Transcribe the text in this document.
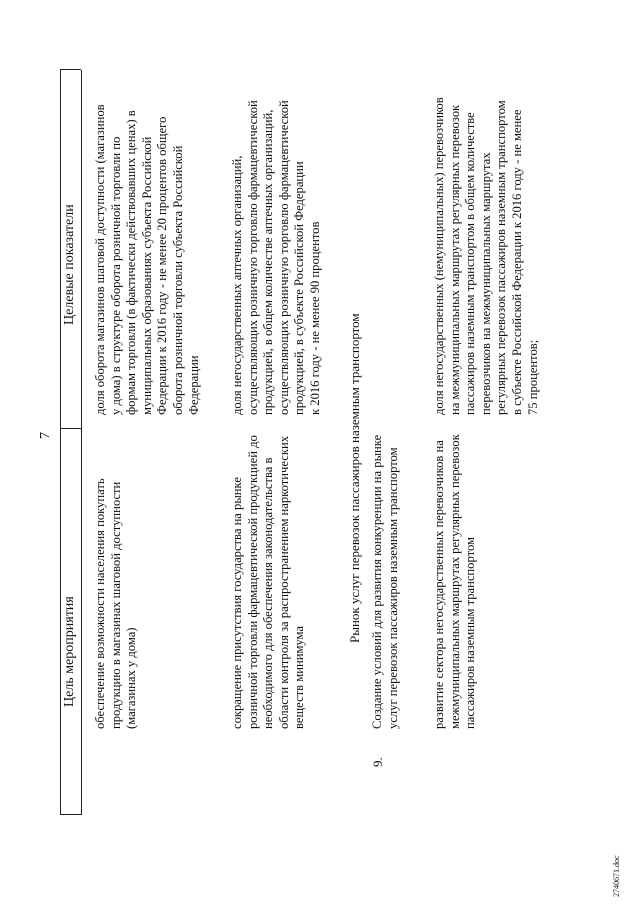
7
Цель мероприятия
Целевые показатели
обеспечение возможности населения покупать
продукцию в магазинах шаговой доступности
(магазинах у дома)
доля оборота магазинов шаговой доступности (магазинов
у дома) в структуре оборота розничной торговли по
формам торговли (в фактически действовавших ценах) в
муниципальных образованиях субъекта Российской
Федерации к 2016 году - не менее 20 процентов общего
оборота розничной торговли субъекта Российской
Федерации
сокращение присутствия государства на рынке
розничной торговли фармацевтической продукцией до
необходимого для обеспечения законодательства в
области контроля за распространением наркотических
веществ минимума
доля негосударственных аптечных организаций,
осуществляющих розничную торговлю фармацевтической
продукцией, в общем количестве аптечных организаций,
осуществляющих розничную торговлю фармацевтической
продукцией, в субъекте Российской Федерации
к 2016 году - не менее 90 процентов
Рынок услуг перевозок пассажиров наземным транспортом
9.
Создание условий для развития конкуренции на рынке
услуг перевозок пассажиров наземным транспортом
развитие сектора негосударственных перевозчиков на
межмуниципальных маршрутах регулярных перевозок
пассажиров наземным транспортом
доля негосударственных (немуниципальных) перевозчиков
на межмуниципальных маршрутах регулярных перевозок
пассажиров наземным транспортом в общем количестве
перевозчиков на межмуниципальных маршрутах
регулярных перевозок пассажиров наземным транспортом
в субъекте Российской Федерации к 2016 году - не менее
75 процентов;
2740671.doc
